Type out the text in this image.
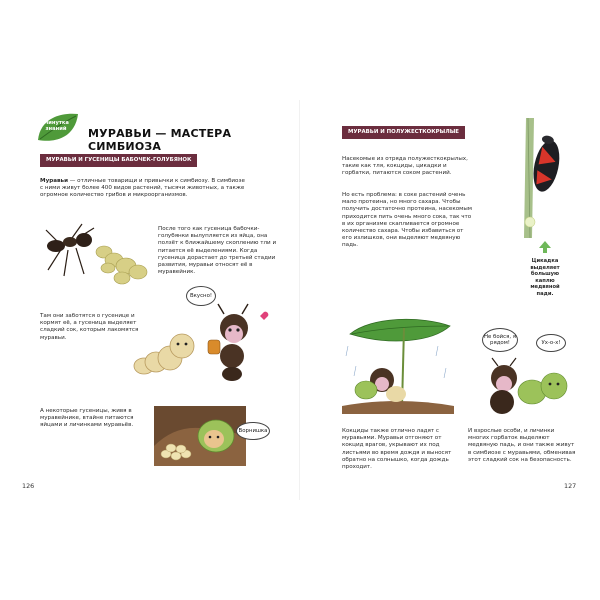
Минутка знаний	МУРАВЬИ — МАСТЕРА СИМБИОЗА
МУРАВЬИ И ГУСЕНИЦЫ БАБОЧЕК-ГОЛУБЯНОК
Муравьи — отличные товарищи и привычки к симбиозу. В симбиозе с ними живут более 400 видов растений, тысячи животных, а также огромное количество грибов и микроорганизмов.
После того как гусеница бабочки-голубянки вылупляется из яйца, она ползёт к ближайшему скоплению тли и питается её выделениями. Когда гусеница дорастает до третьей стадии развития, муравьи относят её в муравейник.
Там они заботятся о гусенице и кормят её, а гусеница выделяет сладкий сок, которым лакомятся муравьи.
Вкусно!
А некоторые гусеницы, живя в муравейнике, втайне питаются яйцами и личинками муравьёв.
Ворнишка
126
МУРАВЬИ И ПОЛУЖЕСТКОКРЫЛЫЕ
Насекомые из отряда полужесткокрылых, такие как тля, кокциды, цикадки и горбатки, питаются соком растений.
Но есть проблема: в соке растений очень мало протеина, но много сахара. Чтобы получить достаточно протеина, насекомым приходится пить очень много сока, так что в их организме скапливается огромное количество сахара. Чтобы избавиться от его излишков, они выделяют медвяную падь.
Цикадка выделяет большую каплю медвяной пади.
Не бойся, я рядом!	Ух-о-х!
Кокциды также отлично ладят с муравьями. Муравьи отгоняют от кокцид врагов, укрывают их под листьями во время дождя и выносят обратно на солнышко, когда дождь проходит.
И взрослые особи, и личинки многих горбаток выделяют медвяную падь, и они также живут в симбиозе с муравьями, обменивая этот сладкий сок на безопасность.
127
